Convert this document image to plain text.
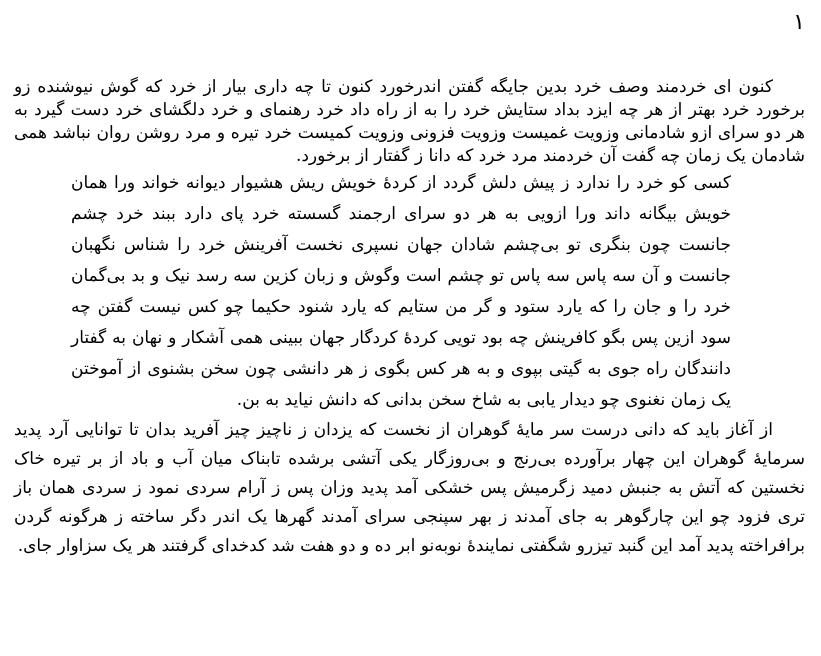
۱

کنون ای خردمند وصف خرد بدین جایگه گفتن اندرخورد کنون تا چه داری بیار از خرد که گوش نیوشنده زو برخورد خرد بهتر از هر چه ایزد بداد ستایش خرد را به از راه داد خرد رهنمای و خرد دلگشای خرد دست گیرد به هر دو سرای ازو شادمانی وزویت غمیست وزویت فزونی وزویت کمیست خرد تیره و مرد روشن روان نباشد همی شادمان یک زمان چه گفت آن خردمند مرد خرد که دانا ز گفتار از برخورد.

کسی کو خرد را ندارد ز پیش دلش گردد از کردهٔ خویش ریش هشیوار دیوانه خواند ورا همان خویش بیگانه داند ورا ازویی به هر دو سرای ارجمند گسسته خرد پای دارد ببند خرد چشم جانست چون بنگری تو بی‌چشم شادان جهان نسپری نخست آفرینش خرد را شناس نگهبان جانست و آن سه پاس سه پاس تو چشم است وگوش و زبان کزین سه رسد نیک و بد بی‌گمان خرد را و جان را که یارد ستود و گر من ستایم که یارد شنود حکیما چو کس نیست گفتن چه سود ازین پس بگو کافرینش چه بود تویی کردهٔ کردگار جهان ببینی همی آشکار و نهان به گفتار دانندگان راه جوی به گیتی بپوی و به هر کس بگوی ز هر دانشی چون سخن بشنوی از آموختن یک زمان نغنوی چو دیدار یابی به شاخ سخن بدانی که دانش نیاید به بن.

از آغاز باید که دانی درست سر مایهٔ گوهران از نخست که یزدان ز ناچیز چیز آفرید بدان تا توانایی آرد پدید سرمایهٔ گوهران این چهار برآورده بی‌رنج و بی‌روزگار یکی آتشی برشده تابناک میان آب و باد از بر تیره خاک نخستین که آتش به جنبش دمید زگرمیش پس خشکی آمد پدید وزان پس ز آرام سردی نمود ز سردی همان باز تری فزود چو این چارگوهر به جای آمدند ز بهر سپنجی سرای آمدند گهرها یک اندر دگر ساخته ز هرگونه گردن برافراخته پدید آمد این گنبد تیزرو شگفتی نمایندهٔ نوبه‌نو ابر ده و دو هفت شد کدخدای گرفتند هر یک سزاوار جای.
